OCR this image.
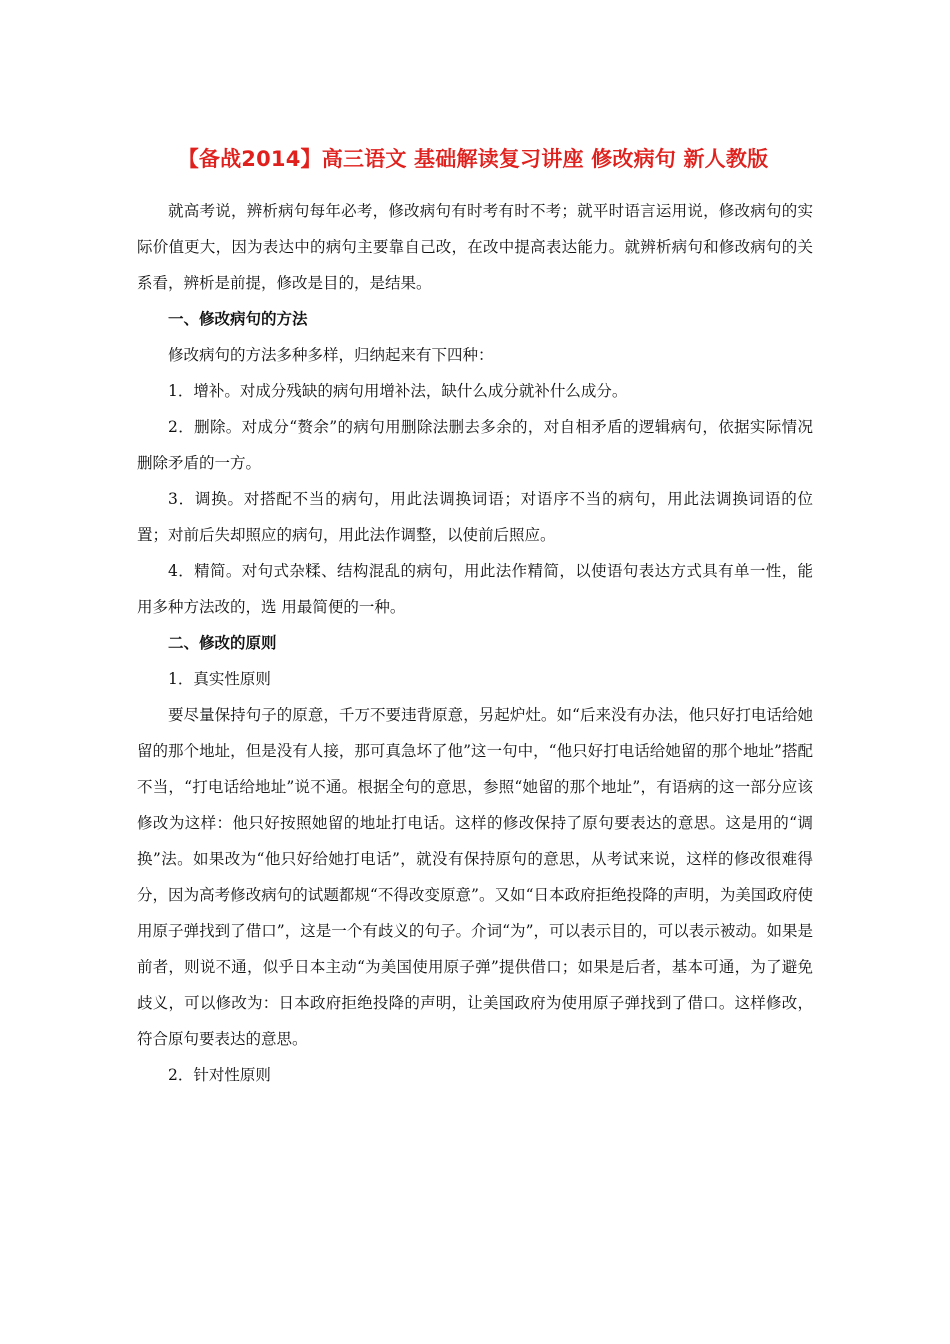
【备战2014】高三语文 基础解读复习讲座 修改病句 新人教版

就高考说，辨析病句每年必考，修改病句有时考有时不考；就平时语言运用说，修改病句的实际价值更大，因为表达中的病句主要靠自己改，在改中提高表达能力。就辨析病句和修改病句的关系看，辨析是前提，修改是目的，是结果。

一、修改病句的方法

修改病句的方法多种多样，归纳起来有下四种：

1．增补。对成分残缺的病句用增补法，缺什么成分就补什么成分。

2．删除。对成分“赘余”的病句用删除法删去多余的，对自相矛盾的逻辑病句，依据实际情况删除矛盾的一方。

3．调换。对搭配不当的病句，用此法调换词语；对语序不当的病句，用此法调换词语的位置；对前后失却照应的病句，用此法作调整，以使前后照应。

4．精简。对句式杂糅、结构混乱的病句，用此法作精简，以使语句表达方式具有单一性，能用多种方法改的，选 用最简便的一种。

二、修改的原则

1．真实性原则

要尽量保持句子的原意，千万不要违背原意，另起炉灶。如“后来没有办法，他只好打电话给她留的那个地址，但是没有人接，那可真急坏了他”这一句中，“他只好打电话给她留的那个地址”搭配不当，“打电话给地址”说不通。根据全句的意思，参照“她留的那个地址”，有语病的这一部分应该修改为这样：他只好按照她留的地址打电话。这样的修改保持了原句要表达的意思。这是用的“调换”法。如果改为“他只好给她打电话”，就没有保持原句的意思，从考试来说，这样的修改很难得分，因为高考修改病句的试题都规“不得改变原意”。又如“日本政府拒绝投降的声明，为美国政府使用原子弹找到了借口”，这是一个有歧义的句子。介词“为”，可以表示目的，可以表示被动。如果是前者，则说不通，似乎日本主动“为美国使用原子弹”提供借口；如果是后者，基本可通，为了避免歧义，可以修改为：日本政府拒绝投降的声明，让美国政府为使用原子弹找到了借口。这样修改，符合原句要表达的意思。

2．针对性原则
